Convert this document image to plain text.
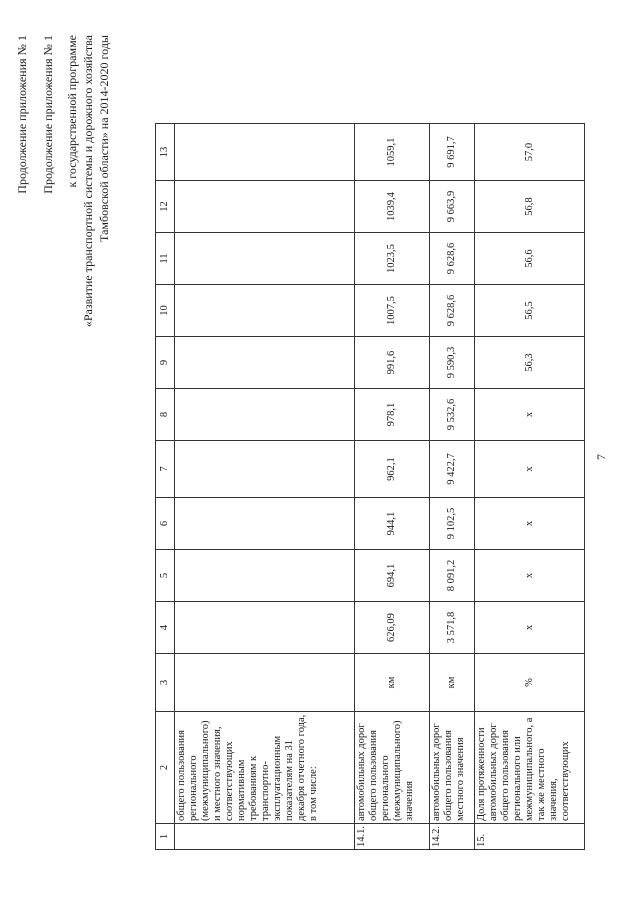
7
Продолжение приложения № 1 Продолжение приложения № 1 к государственной программе «Развитие транспортной системы и дорожного хозяйства Тамбовской области» на 2014-2020 годы
1	2	3	4	5	6	7	8	9	10	11	12	13
	общего пользования регионального (межмуниципального) и местного значения, соответствующих нормативным требованиям к транспортно-эксплуатационным показателям на 31 декабря отчетного года, в том числе:											
14.1.	автомобильных дорог общего пользования регионального (межмуниципального) значения	км	626,09	694,1	944,1	962,1	978,1	991,6	1007,5	1023,5	1039,4	1059,1
14.2.	автомобильных дорог общего пользования местного значения	км	3 571,8	8 091,2	9 102,5	9 422,7	9 532,6	9 590,3	9 628,6	9 628,6	9 663,9	9 691,7
15.	Доля протяженности автомобильных дорог общего пользования регионального или межмуниципального, а так же местного значения, соответствующих	%	х	х	х	х	х	56,3	56,5	56,6	56,8	57,0
